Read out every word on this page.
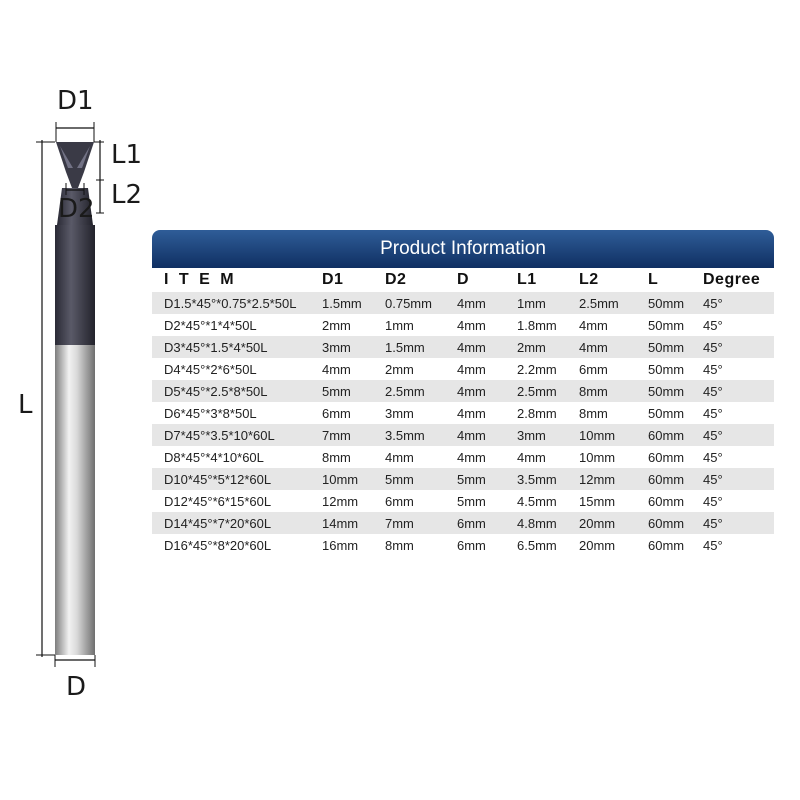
D1
L1
L2
D2
L
D
Product Information
I T E M	D1	D2	D	L1	L2	L	Degree
D1.5*45°*0.75*2.5*50L	1.5mm	0.75mm	4mm	1mm	2.5mm	50mm	45°
D2*45°*1*4*50L	2mm	1mm	4mm	1.8mm	4mm	50mm	45°
D3*45°*1.5*4*50L	3mm	1.5mm	4mm	2mm	4mm	50mm	45°
D4*45°*2*6*50L	4mm	2mm	4mm	2.2mm	6mm	50mm	45°
D5*45°*2.5*8*50L	5mm	2.5mm	4mm	2.5mm	8mm	50mm	45°
D6*45°*3*8*50L	6mm	3mm	4mm	2.8mm	8mm	50mm	45°
D7*45°*3.5*10*60L	7mm	3.5mm	4mm	3mm	10mm	60mm	45°
D8*45°*4*10*60L	8mm	4mm	4mm	4mm	10mm	60mm	45°
D10*45°*5*12*60L	10mm	5mm	5mm	3.5mm	12mm	60mm	45°
D12*45°*6*15*60L	12mm	6mm	5mm	4.5mm	15mm	60mm	45°
D14*45°*7*20*60L	14mm	7mm	6mm	4.8mm	20mm	60mm	45°
D16*45°*8*20*60L	16mm	8mm	6mm	6.5mm	20mm	60mm	45°
